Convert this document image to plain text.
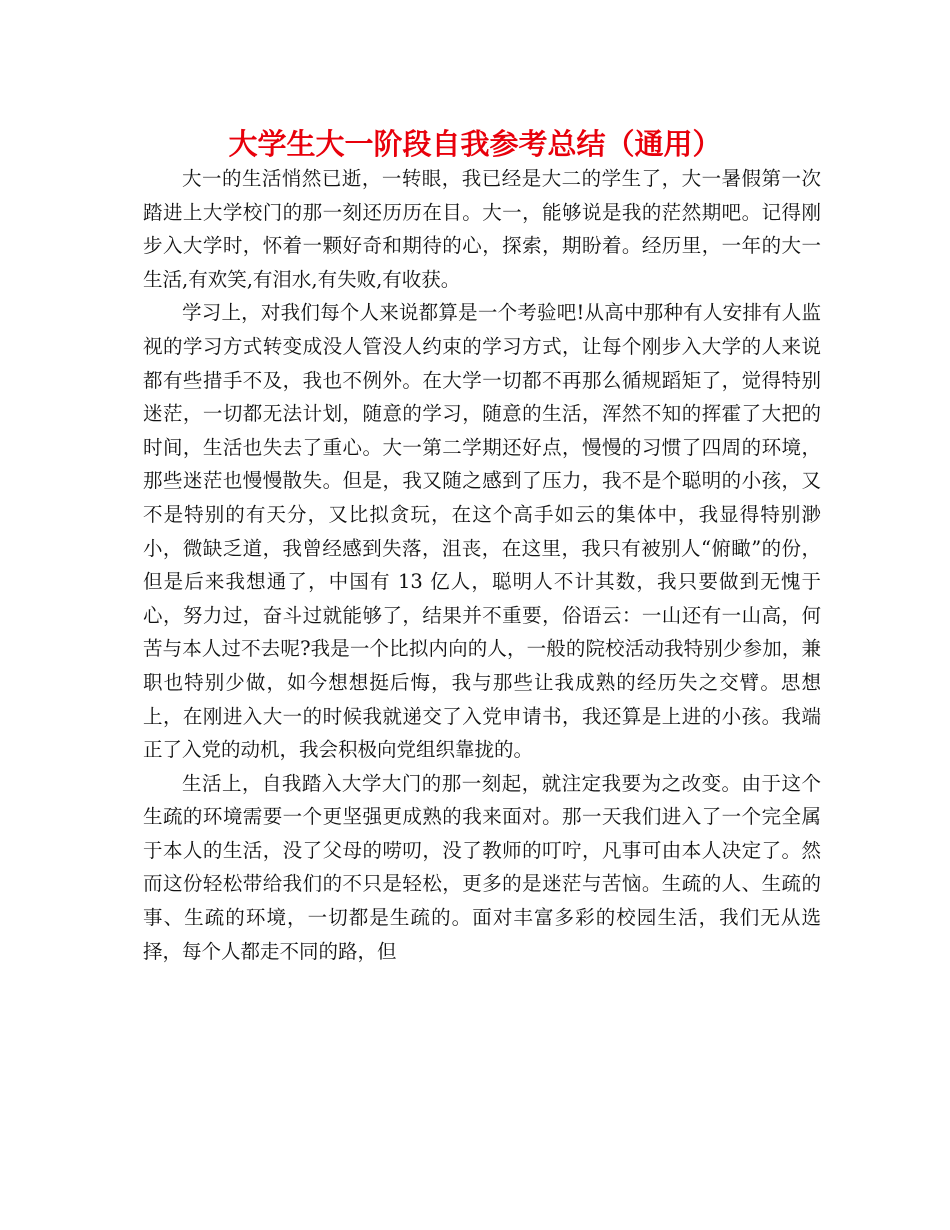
大学生大一阶段自我参考总结（通用）

大一的生活悄然已逝，一转眼，我已经是大二的学生了，大一暑假第一次踏进上大学校门的那一刻还历历在目。大一，能够说是我的茫然期吧。记得刚步入大学时，怀着一颗好奇和期待的心，探索，期盼着。经历里，一年的大一生活,有欢笑,有泪水,有失败,有收获。

学习上，对我们每个人来说都算是一个考验吧!从高中那种有人安排有人监视的学习方式转变成没人管没人约束的学习方式，让每个刚步入大学的人来说都有些措手不及，我也不例外。在大学一切都不再那么循规蹈矩了，觉得特别迷茫，一切都无法计划，随意的学习，随意的生活，浑然不知的挥霍了大把的时间，生活也失去了重心。大一第二学期还好点，慢慢的习惯了四周的环境，那些迷茫也慢慢散失。但是，我又随之感到了压力，我不是个聪明的小孩，又不是特别的有天分，又比拟贪玩，在这个高手如云的集体中，我显得特别渺小，微缺乏道，我曾经感到失落，沮丧，在这里，我只有被别人“俯瞰”的份，但是后来我想通了，中国有 13 亿人，聪明人不计其数，我只要做到无愧于心，努力过，奋斗过就能够了，结果并不重要，俗语云：一山还有一山高，何苦与本人过不去呢?我是一个比拟内向的人，一般的院校活动我特别少参加，兼职也特别少做，如今想想挺后悔，我与那些让我成熟的经历失之交臂。思想上，在刚进入大一的时候我就递交了入党申请书，我还算是上进的小孩。我端正了入党的动机，我会积极向党组织靠拢的。

生活上，自我踏入大学大门的那一刻起，就注定我要为之改变。由于这个生疏的环境需要一个更坚强更成熟的我来面对。那一天我们进入了一个完全属于本人的生活，没了父母的唠叨，没了教师的叮咛，凡事可由本人决定了。然而这份轻松带给我们的不只是轻松，更多的是迷茫与苦恼。生疏的人、生疏的事、生疏的环境，一切都是生疏的。面对丰富多彩的校园生活，我们无从选择，每个人都走不同的路，但
